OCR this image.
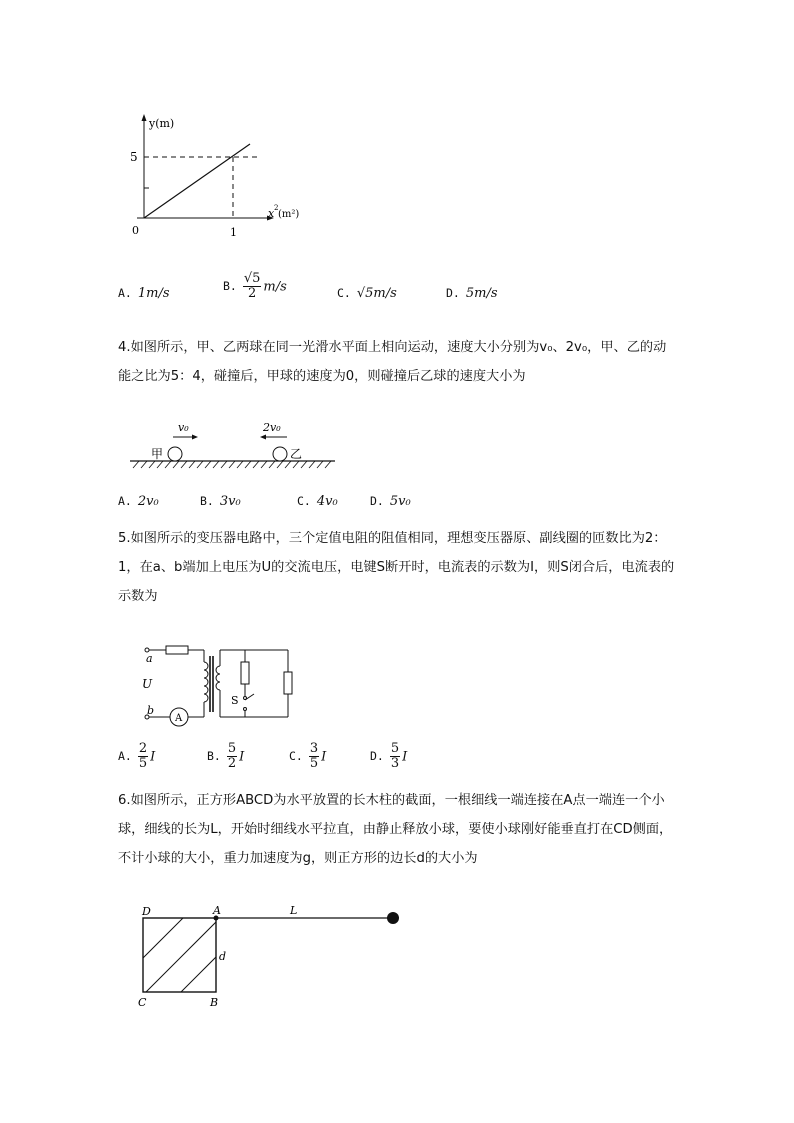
y(m)
5
1
0
x 2
(m²)
A. 1m/s	B. $\frac{√5}{2} m/s$	C. √5m/s	D. 5m/s
4.如图所示，甲、乙两球在同一光滑水平面上相向运动，速度大小分别为v₀、2v₀，甲、乙的动能之比为5：4，碰撞后，甲球的速度为0，则碰撞后乙球的速度大小为
甲	乙
v₀	2v₀
A. 2v₀	B. 3v₀	C. 4v₀	D. 5v₀
5.如图所示的变压器电路中，三个定值电阻的阻值相同，理想变压器原、副线圈的匝数比为2：1，在a、b端加上电压为U的交流电压，电键S断开时，电流表的示数为I，则S闭合后，电流表的示数为
a
U
b
A
S
A. $\frac{2}{5}$ I	B. $\frac{5}{2}$ I	C. $\frac{3}{5}$ I	D. $\frac{5}{3}$ I
6.如图所示，正方形ABCD为水平放置的长木柱的截面，一根细线一端连接在A点一端连一个小球，细线的长为L，开始时细线水平拉直，由静止释放小球，要使小球刚好能垂直打在CD侧面，不计小球的大小，重力加速度为g，则正方形的边长d的大小为
D	A	L
d
C	B
